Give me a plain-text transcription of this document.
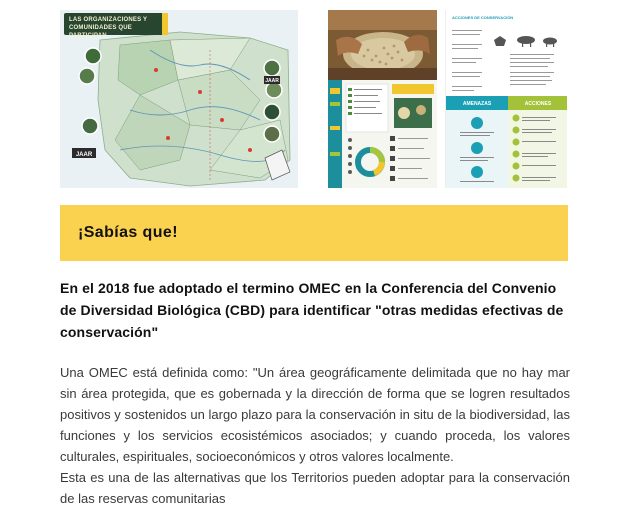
JAAR
JAAR
LAS ORGANIZACIONES Y COMUNIDADES QUE PARTICIPAN
ACCIONES DE CONSERVACIÓN
AMENAZAS	ACCIONES
¡Sabías que!
En el 2018 fue adoptado el termino OMEC en la Conferencia del Convenio de Diversidad Biológica (CBD) para identificar "otras medidas efectivas de conservación"

Una OMEC está definida como: "Un área geográficamente delimitada que no hay mar sin área protegida, que es gobernada y la dirección de forma que se logren resultados positivos y sostenidos un largo plazo para la conservación in situ de la biodiversidad, las funciones y los servicios ecosistémicos asociados; y cuando proceda, los valores culturales, espirituales, socioeconómicos y otros valores localmente.

Esta es una de las alternativas que los Territorios pueden adoptar para la conservación de las reservas comunitarias
